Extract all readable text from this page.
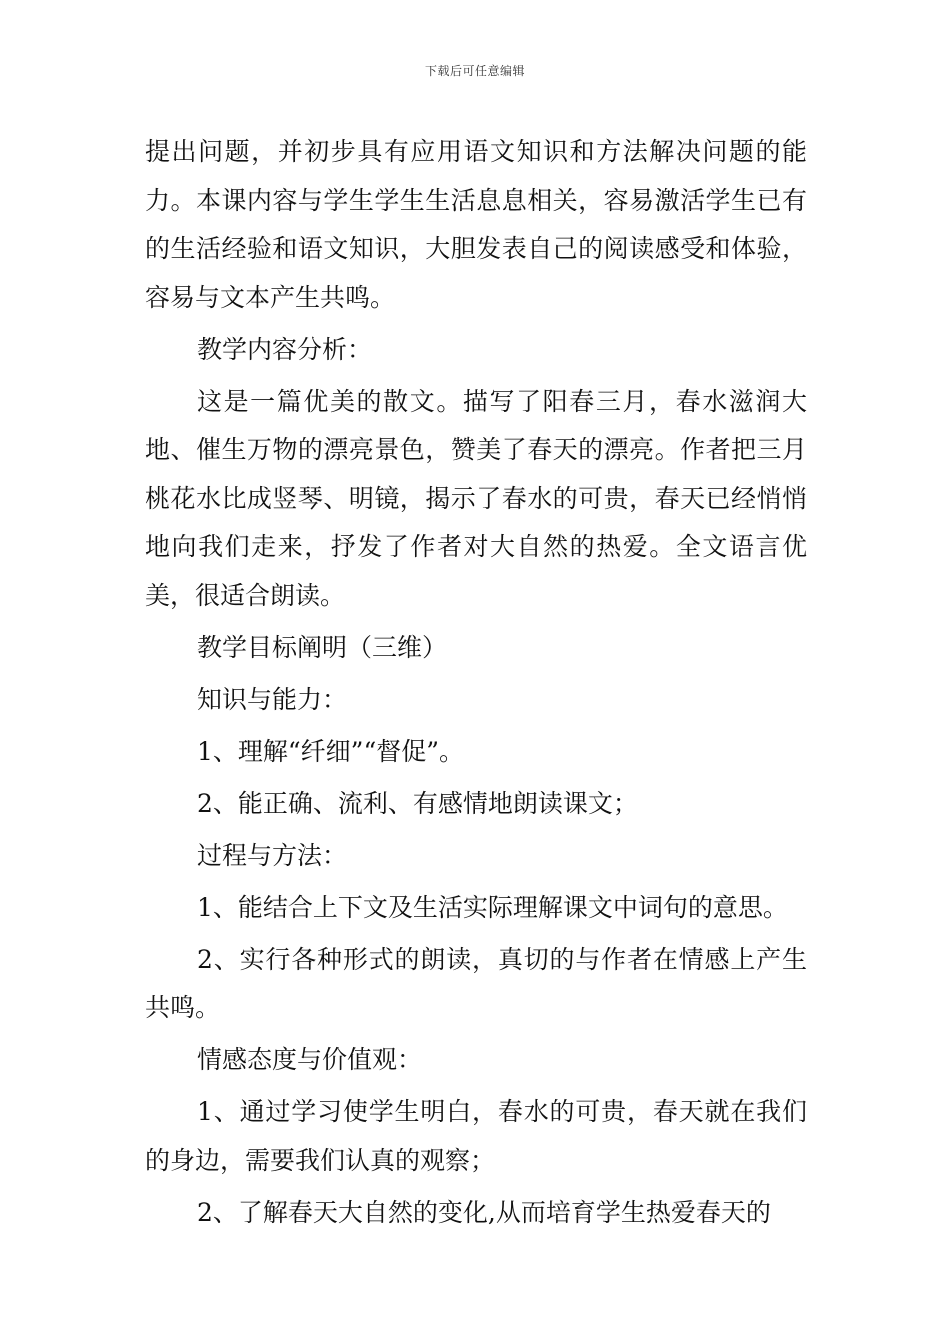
下载后可任意编辑

提出问题，并初步具有应用语文知识和方法解决问题的能力。本课内容与学生学生生活息息相关，容易激活学生已有的生活经验和语文知识，大胆发表自己的阅读感受和体验，容易与文本产生共鸣。

教学内容分析：

这是一篇优美的散文。描写了阳春三月，春水滋润大地、催生万物的漂亮景色，赞美了春天的漂亮。作者把三月桃花水比成竖琴、明镜，揭示了春水的可贵，春天已经悄悄地向我们走来，抒发了作者对大自然的热爱。全文语言优美，很适合朗读。

教学目标阐明（三维）

知识与能力：

1、理解“纤细”“督促”。

2、能正确、流利、有感情地朗读课文；

过程与方法：

1、能结合上下文及生活实际理解课文中词句的意思。

2、实行各种形式的朗读，真切的与作者在情感上产生共鸣。

情感态度与价值观：

1、通过学习使学生明白，春水的可贵，春天就在我们的身边，需要我们认真的观察；

2、了解春天大自然的变化,从而培育学生热爱春天的
